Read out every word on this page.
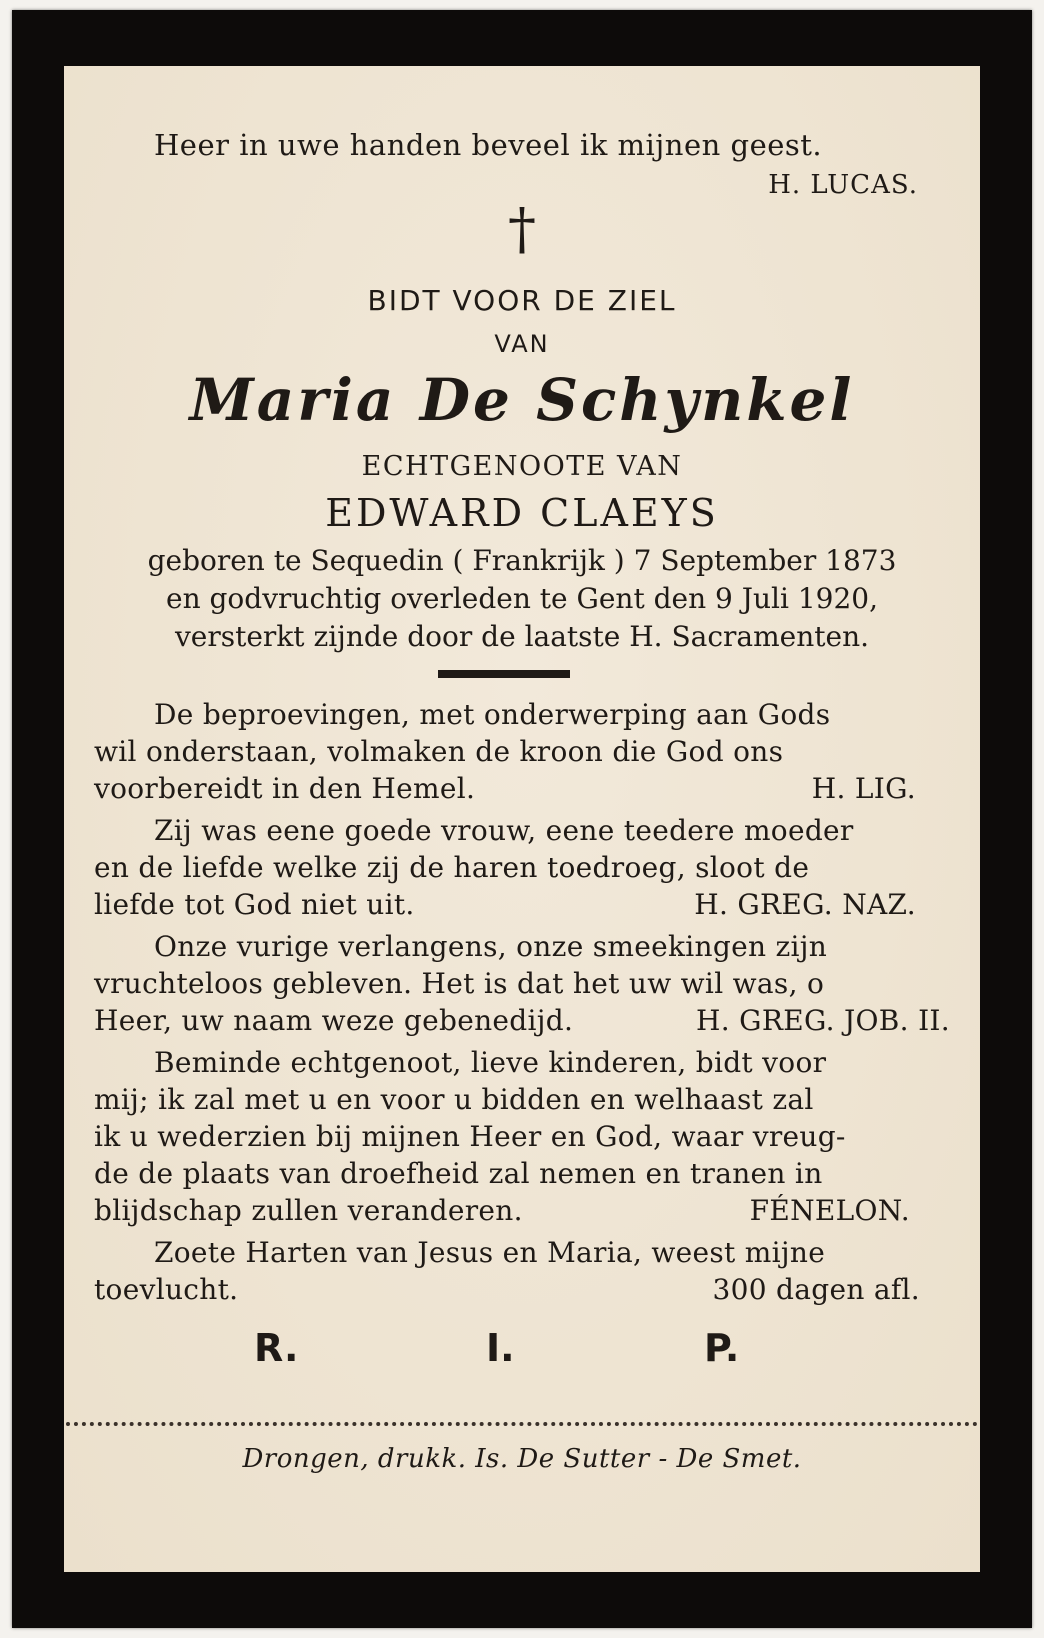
Heer in uwe handen beveel ik mijnen geest.
H. LUCAS.
†
BIDT VOOR DE ZIEL
VAN
Maria De Schynkel
ECHTGENOOTE VAN
EDWARD CLAEYS
geboren te Sequedin ( Frankrijk ) 7 September 1873
en godvruchtig overleden te Gent den 9 Juli 1920,
versterkt zijnde door de laatste H. Sacramenten.
De beproevingen, met onderwerping aan Gods
wil onderstaan, volmaken de kroon die God ons
voorbereidt in den Hemel.	H. LIG.
Zij was eene goede vrouw, eene teedere moeder
en de liefde welke zij de haren toedroeg, sloot de
liefde tot God niet uit.	H. GREG. NAZ.
Onze vurige verlangens, onze smeekingen zijn
vruchteloos gebleven. Het is dat het uw wil was, o
Heer, uw naam weze gebenedijd.	H. GREG. JOB. II.
Beminde echtgenoot, lieve kinderen, bidt voor
mij; ik zal met u en voor u bidden en welhaast zal
ik u wederzien bij mijnen Heer en God, waar vreug-
de de plaats van droefheid zal nemen en tranen in
blijdschap zullen veranderen.	FÉNELON.
Zoete Harten van Jesus en Maria, weest mijne
toevlucht.	300 dagen afl.
R.	I.	P.
Drongen, drukk. Is. De Sutter - De Smet.
